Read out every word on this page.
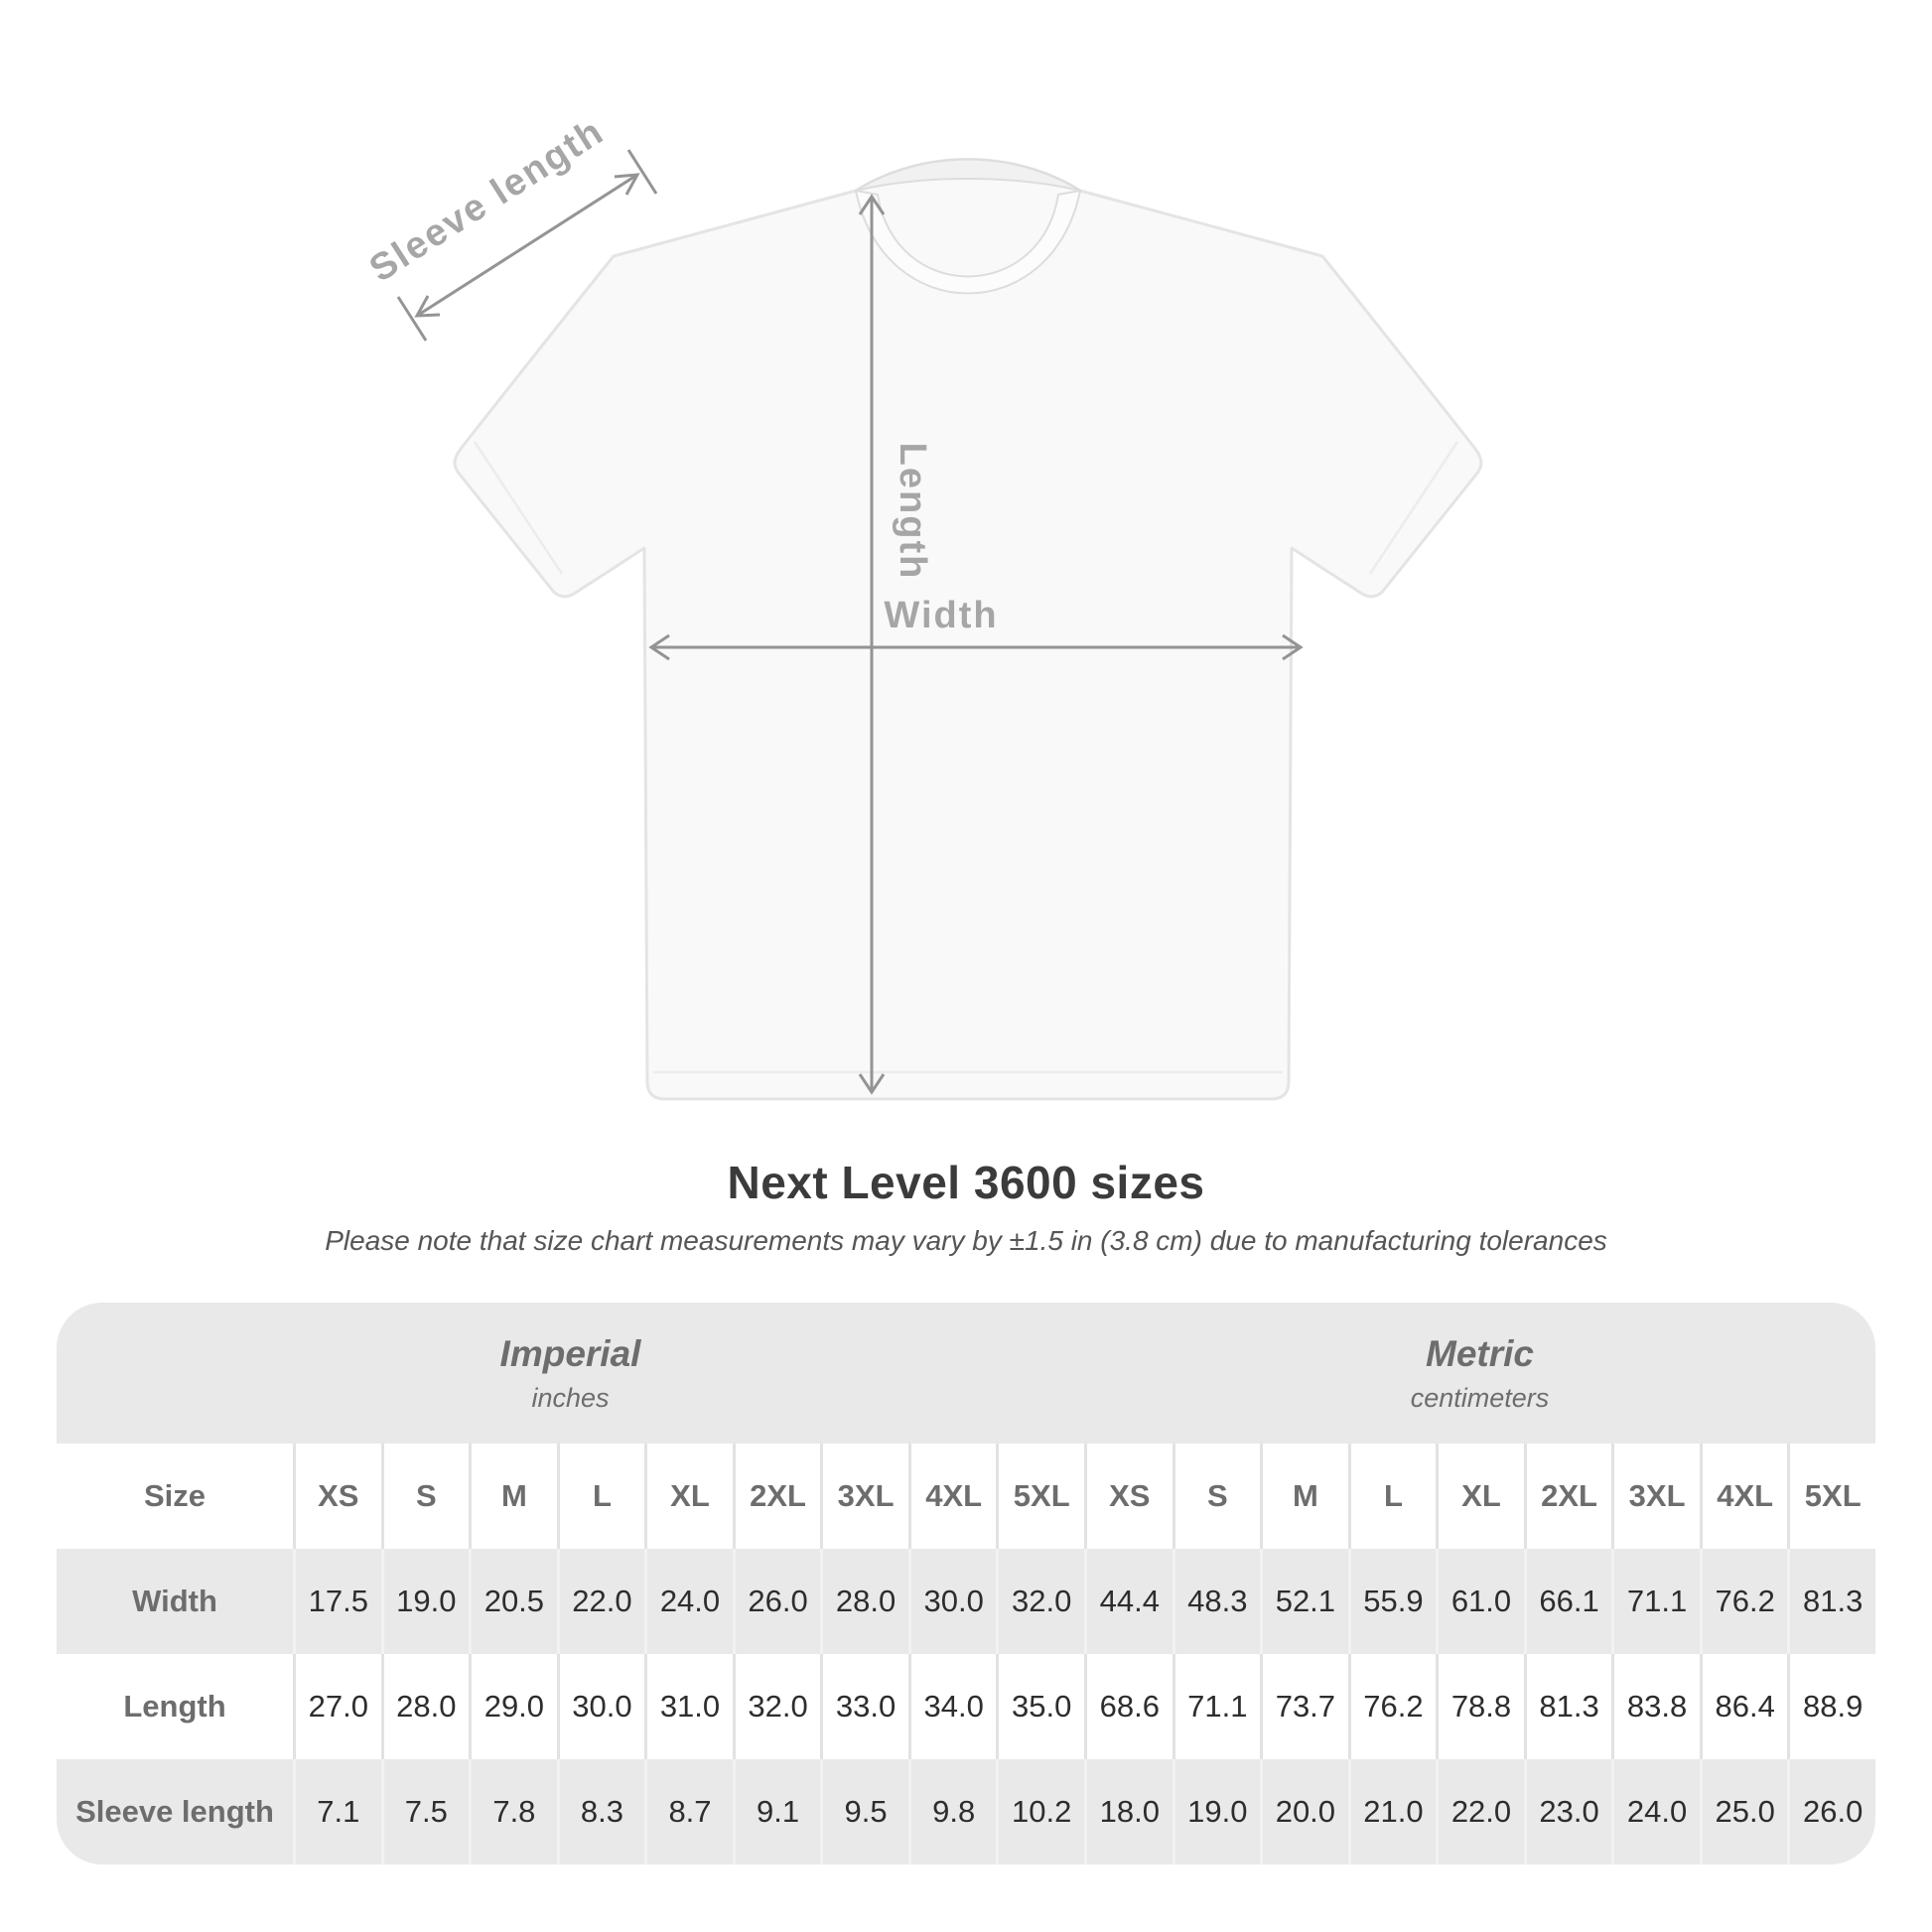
Sleeve length
Length
Width
Next Level 3600 sizes
Please note that size chart measurements may vary by ±1.5 in (3.8 cm) due to manufacturing tolerances
Imperial
inches
Metric
centimeters
Size	XS	S	M	L	XL	2XL	3XL	4XL	5XL	XS	S	M	L	XL	2XL	3XL	4XL	5XL
Width	17.5 19.0 20.5 22.0 24.0 26.0 28.0 30.0 32.0 44.4 48.3 52.1 55.9 61.0 66.1 71.1 76.2 81.3
Length	27.0 28.0 29.0 30.0 31.0 32.0 33.0 34.0 35.0 68.6 71.1 73.7 76.2 78.8 81.3 83.8 86.4 88.9
Sleeve length	7.1	7.5	7.8	8.3	8.7	9.1	9.5	9.8	10.2 18.0 19.0 20.0 21.0 22.0 23.0 24.0 25.0 26.0
